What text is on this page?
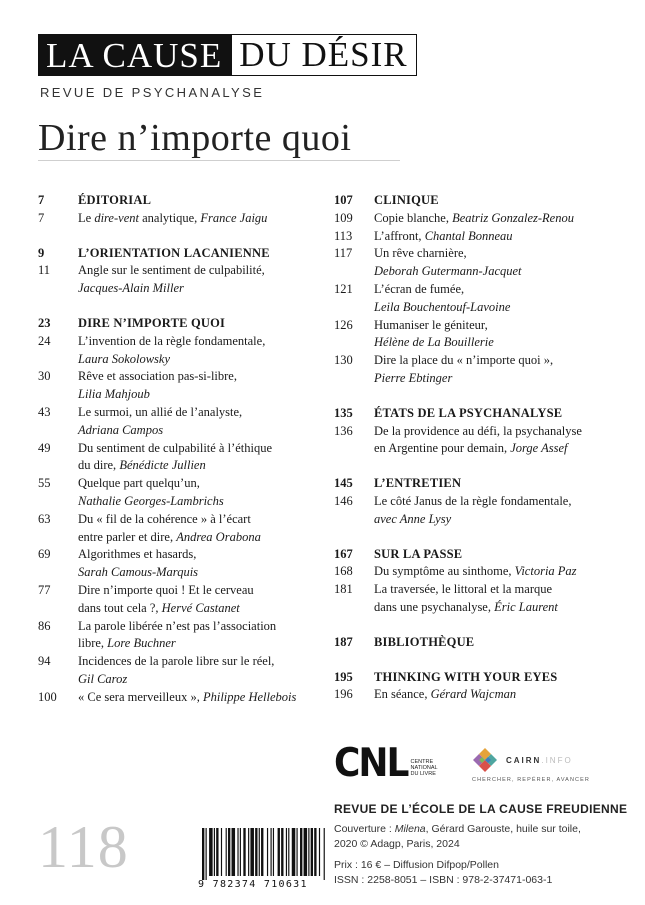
LA CAUSE DU DÉSIR
REVUE DE PSYCHANALYSE
Dire n’importe quoi
7	ÉDITORIAL
7	Le dire-vent analytique, France Jaigu
9	L’ORIENTATION LACANIENNE
11	Angle sur le sentiment de culpabilité,
Jacques-Alain Miller
23	DIRE N’IMPORTE QUOI
24	L’invention de la règle fondamentale,
Laura Sokolowsky
30	Rêve et association pas-si-libre,
Lilia Mahjoub
43	Le surmoi, un allié de l’analyste,
Adriana Campos
49	Du sentiment de culpabilité à l’éthique
du dire, Bénédicte Jullien
55	Quelque part quelqu’un,
Nathalie Georges-Lambrichs
63	Du « fil de la cohérence » à l’écart
entre parler et dire, Andrea Orabona
69	Algorithmes et hasards,
Sarah Camous-Marquis
77	Dire n’importe quoi ! Et le cerveau
dans tout cela ?, Hervé Castanet
86	La parole libérée n’est pas l’association
libre, Lore Buchner
94	Incidences de la parole libre sur le réel,
Gil Caroz
100	« Ce sera merveilleux », Philippe Hellebois
107	CLINIQUE
109	Copie blanche, Beatriz Gonzalez-Renou
113	L’affront, Chantal Bonneau
117	Un rêve charnière,
Deborah Gutermann-Jacquet
121	L’écran de fumée,
Leila Bouchentouf-Lavoine
126	Humaniser le géniteur,
Hélène de La Bouillerie
130	Dire la place du « n’importe quoi »,
Pierre Ebtinger
135	ÉTATS DE LA PSYCHANALYSE
136	De la providence au défi, la psychanalyse
en Argentine pour demain, Jorge Assef
145	L’ENTRETIEN
146	Le côté Janus de la règle fondamentale,
avec Anne Lysy
167	SUR LA PASSE
168	Du symptôme au sinthome, Victoria Paz
181	La traversée, le littoral et la marque
dans une psychanalyse, Éric Laurent
187	BIBLIOTHÈQUE
195	THINKING WITH YOUR EYES
196	En séance, Gérard Wajcman
CNL CENTRE
NATIONAL
DU LIVRE
CAIRN.INFO
CHERCHER, REPÉRER, AVANCER
REVUE DE L’ÉCOLE DE LA CAUSE FREUDIENNE
Couverture : Milena, Gérard Garouste, huile sur toile,
2020 © Adagp, Paris, 2024
Prix : 16 € – Diffusion Difpop/Pollen
ISSN : 2258-8051 – ISBN : 978-2-37471-063-1
118
9 782374 710631
